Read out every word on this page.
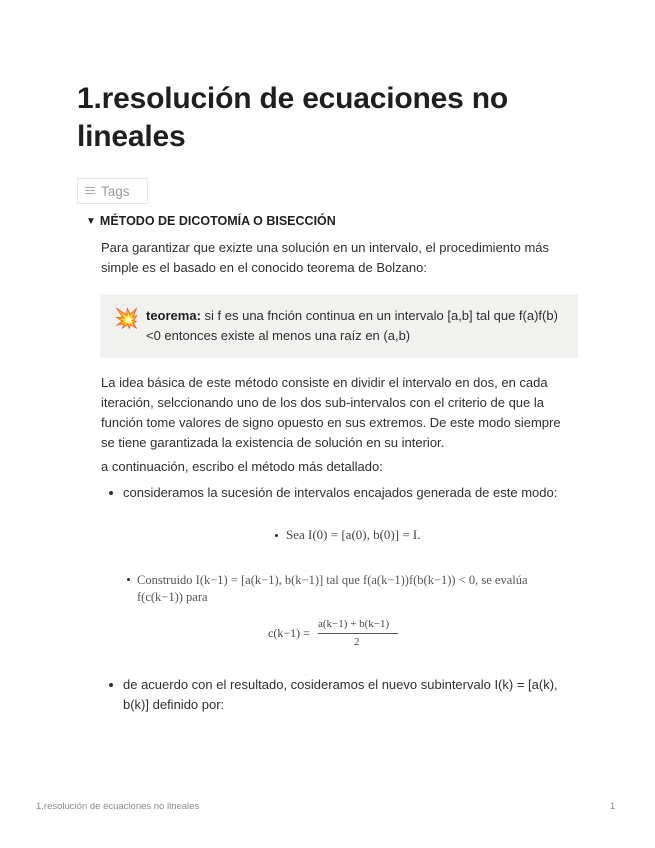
1.resolución de ecuaciones no lineales
Tags
▼ MÉTODO DE DICOTOMÍA O BISECCIÓN
Para garantizar que exizte una solución en un intervalo, el procedimiento más simple es el basado en el conocido teorema de Bolzano:
💥 teorema: si f es una fnción continua en un intervalo [a,b] tal que f(a)f(b) <0 entonces existe al menos una raíz en (a,b)
La idea básica de este método consiste en dividir el intervalo en dos, en cada iteración, selccionando uno de los dos sub-intervalos con el criterio de que la función tome valores de signo opuesto en sus extremos. De este modo siempre se tiene garantizada la existencia de solución en su interior.
a continuación, escribo el método más detallado:
consideramos la sucesión de intervalos encajados generada de este modo:
Sea I(0) = [a(0), b(0)] = I.
Construido I(k−1) = [a(k−1), b(k−1)] tal que f(a(k−1))f(b(k−1)) < 0, se evalúa f(c(k−1)) para
c(k−1) =
a(k−1) + b(k−1)
2
de acuerdo con el resultado, cosideramos el nuevo subintervalo I(k) = [a(k), b(k)] definido por:
1.resolución de ecuaciones no lineales	1
